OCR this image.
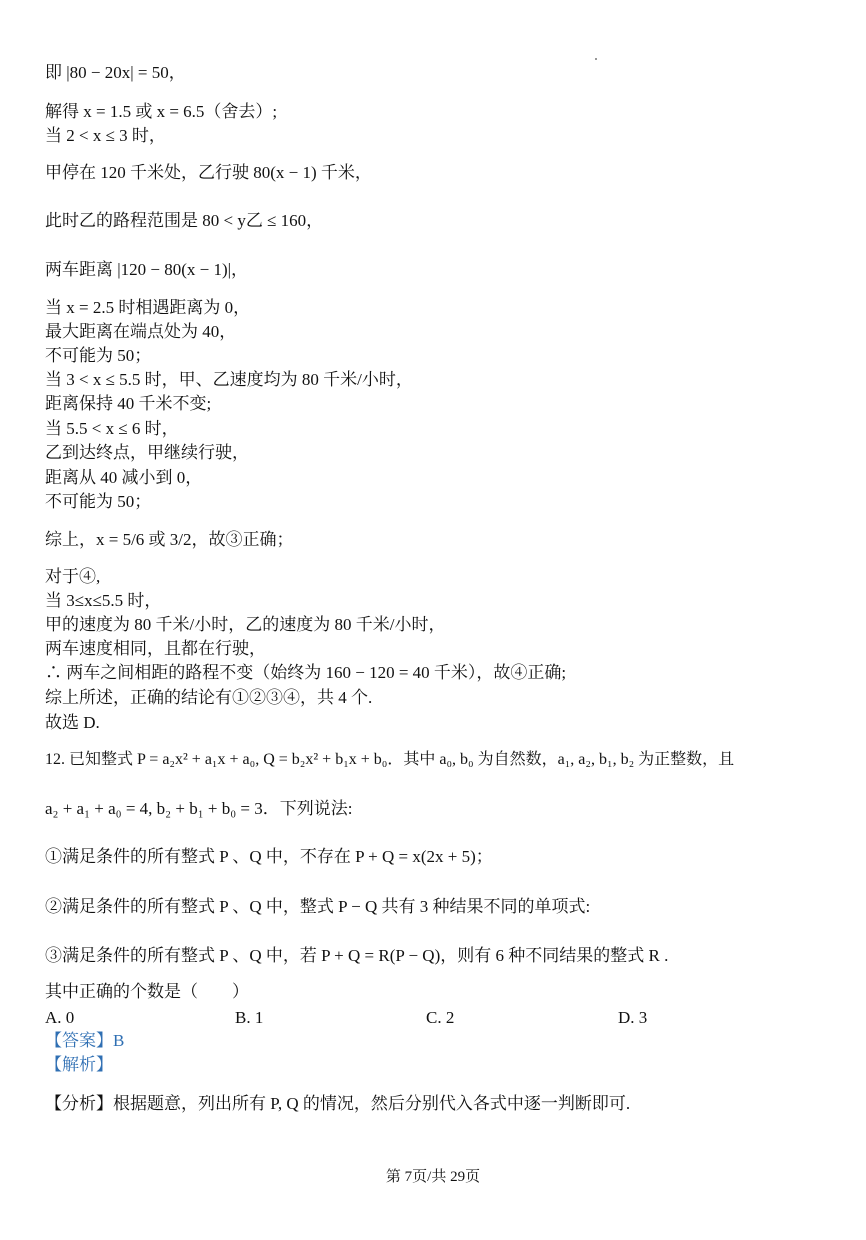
即 |80 − 20x| = 50，
解得 x = 1.5 或 x = 6.5（舍去）;
当 2 < x ≤ 3 时，
甲停在 120 千米处，乙行驶 80(x − 1) 千米，
此时乙的路程范围是 80 < y乙 ≤ 160，
两车距离 |120 − 80(x − 1)|，
当 x = 2.5 时相遇距离为 0，
最大距离在端点处为 40，
不可能为 50；
当 3 < x ≤ 5.5 时，甲、乙速度均为 80 千米/小时，
距离保持 40 千米不变;
当 5.5 < x ≤ 6 时，
乙到达终点，甲继续行驶，
距离从 40 减小到 0，
不可能为 50；
综上，x = 5/6 或 3/2，故③正确；
对于④,
当 3≤x≤5.5 时，
甲的速度为 80 千米/小时，乙的速度为 80 千米/小时，
两车速度相同，且都在行驶，
∴ 两车之间相距的路程不变（始终为 160 − 120 = 40 千米），故④正确;
综上所述，正确的结论有①②③④，共 4 个.
故选 D.
12. 已知整式 P = a₂x² + a₁x + a₀, Q = b₂x² + b₁x + b₀．其中 a₀, b₀ 为自然数，a₁, a₂, b₁, b₂ 为正整数，且
a₂ + a₁ + a₀ = 4, b₂ + b₁ + b₀ = 3．下列说法:
①满足条件的所有整式 P 、Q 中，不存在 P + Q = x(2x + 5)；
②满足条件的所有整式 P 、Q 中，整式 P − Q 共有 3 种结果不同的单项式:
③满足条件的所有整式 P 、Q 中，若 P + Q = R(P − Q)，则有 6 种不同结果的整式 R .
其中正确的个数是（　　）
A. 0	B. 1	C. 2	D. 3
【答案】B
【解析】
【分析】根据题意，列出所有 P, Q 的情况，然后分别代入各式中逐一判断即可.
第 7页/共 29页
